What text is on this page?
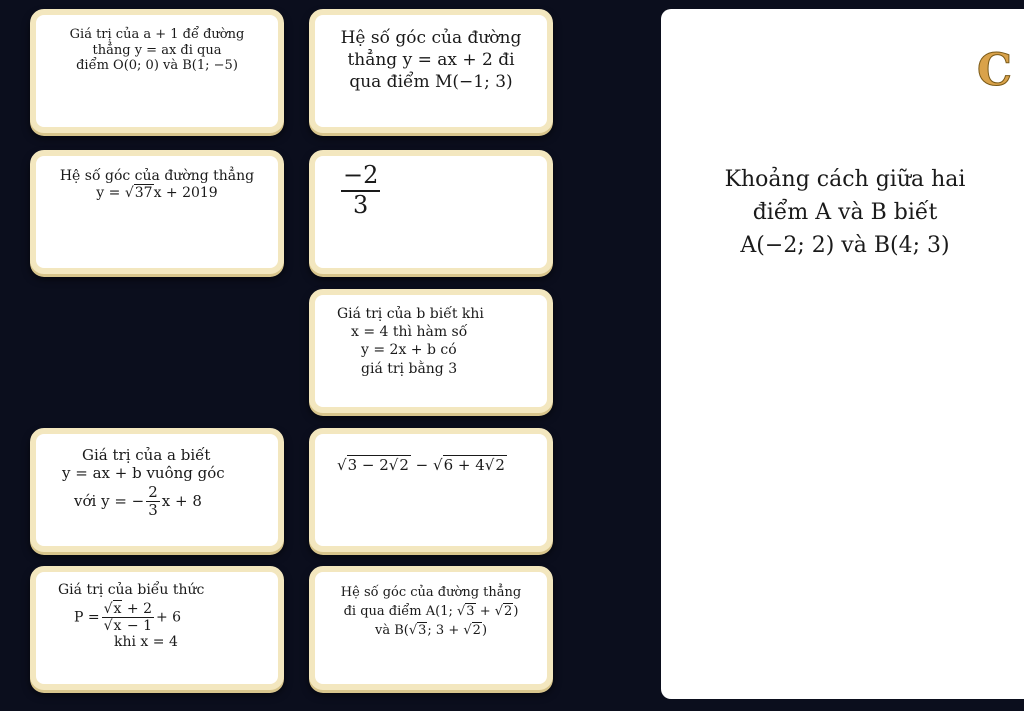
Giá trị của a + 1 để đường
thẳng y = ax đi qua
điểm O(0; 0) và B(1; −5)
Hệ số góc của đường thẳng
y = √37x + 2019
Giá trị của a biết
y = ax + b vuông góc
với y = − $\frac{2}{3}$ x + 8
Giá trị của biểu thức
$P = \frac{√x + 2}{√x - 1} + 6$
khi x = 4
Hệ số góc của đường
thẳng y = ax + 2 đi
qua điểm M(−1; 3)
$\frac{-2}{3}$
Giá trị của b biết khi
x = 4 thì hàm số
y = 2x + b có
giá trị bằng 3
√3 − 2√2 − √6 + 4√2
Hệ số góc của đường thẳng
đi qua điểm A(1; √3 + √2)
và B(√3; 3 + √2)
C
Khoảng cách giữa hai
điểm A và B biết
A(−2; 2) và B(4; 3)
